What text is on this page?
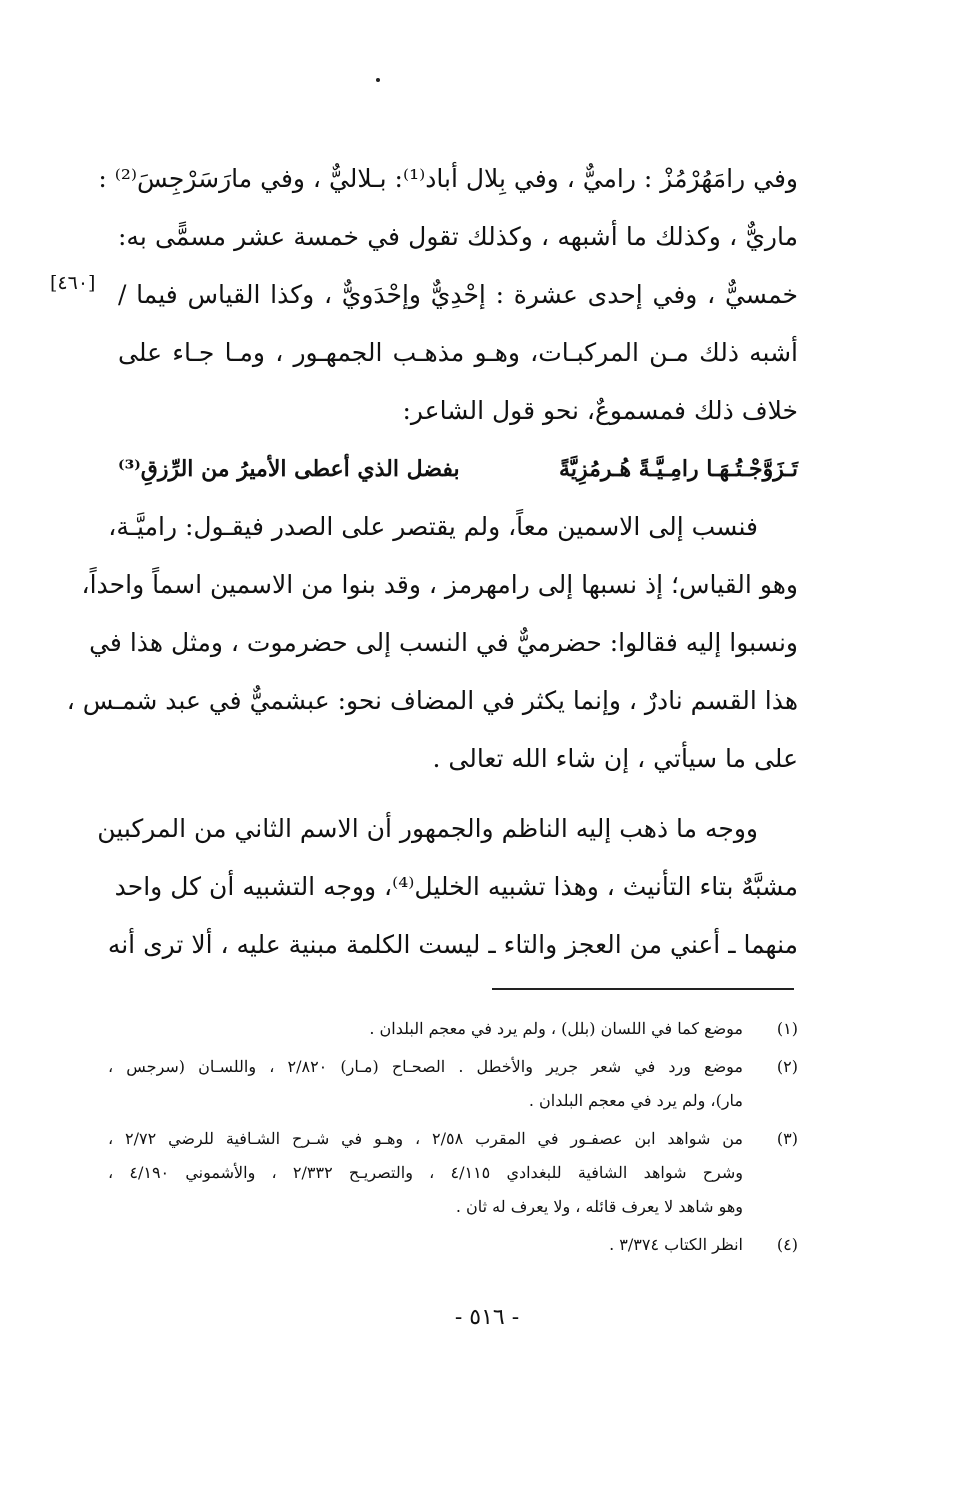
وفي رامَهُرْمُزْ : راميٌّ ، وفي بِلال أباد⁽¹⁾: بـلاليٌّ ، وفي مارَسَرْجِسَ⁽²⁾ :
ماريٌّ ، وكذلك ما أشبهه ، وكذلك تقول في خمسة عشر مسمًّى به:
خمسيٌّ ، وفي إحدى عشرة : إحْدِيٌّ وإحْدَويٌّ ، وكذا القياس فيما /
أشبه ذلك مـن المركبـات، وهـو مذهـب الجمهـور ، ومـا جـاء على
خلاف ذلك فمسموعٌ، نحو قول الشاعر:
تَـزَوَّجْـتُـهَـا رامِـيَّـةً هُـرمُزِيَّةً
بفضل الذي أعطى الأميرُ من الرِّزقِ⁽³⁾
فنسب إلى الاسمين معاً، ولم يقتصر على الصدر فيقـول: راميَّـة،
وهو القياس؛ إذ نسبها إلى رامهرمز ، وقد بنوا من الاسمين اسماً واحداً،
ونسبوا إليه فقالوا: حضرميٌّ في النسب إلى حضرموت ، ومثل هذا في
هذا القسم نادرٌ ، وإنما يكثر في المضاف نحو: عبشميٌّ في عبد شمـس ،
على ما سيأتي ، إن شاء الله تعالى .
ووجه ما ذهب إليه الناظم والجمهور أن الاسم الثاني من المركبين
مشبَّهٌ بتاء التأنيث ، وهذا تشبيه الخليل⁽⁴⁾، ووجه التشبيه أن كل واحد
منهما ـ أعني من العجز والتاء ـ ليست الكلمة مبنية عليه ، ألا ترى أنه
[٤٦٠]
(١)
موضع كما في اللسان (بلل) ، ولم يرد في معجم البلدان .
(٢)
موضع ورد في شعر جرير والأخطل . الصحـاح (مـار) ٢/٨٢٠ ، واللسـان (سرجس ،
مار)، ولم يرد في معجم البلدان .
(٣)
من شواهد ابن عصفـور في المقرب ٢/٥٨ ، وهـو في شـرح الشـافية للرضي ٢/٧٢ ،
وشرح شواهد الشافية للبغدادي ٤/١١٥ ، والتصريـح ٢/٣٣٢ ، والأشموني ٤/١٩٠ ،
وهو شاهد لا يعرف قائله ، ولا يعرف له ثان .
(٤)
انظر الكتاب ٣/٣٧٤ .
- ٥١٦ -
